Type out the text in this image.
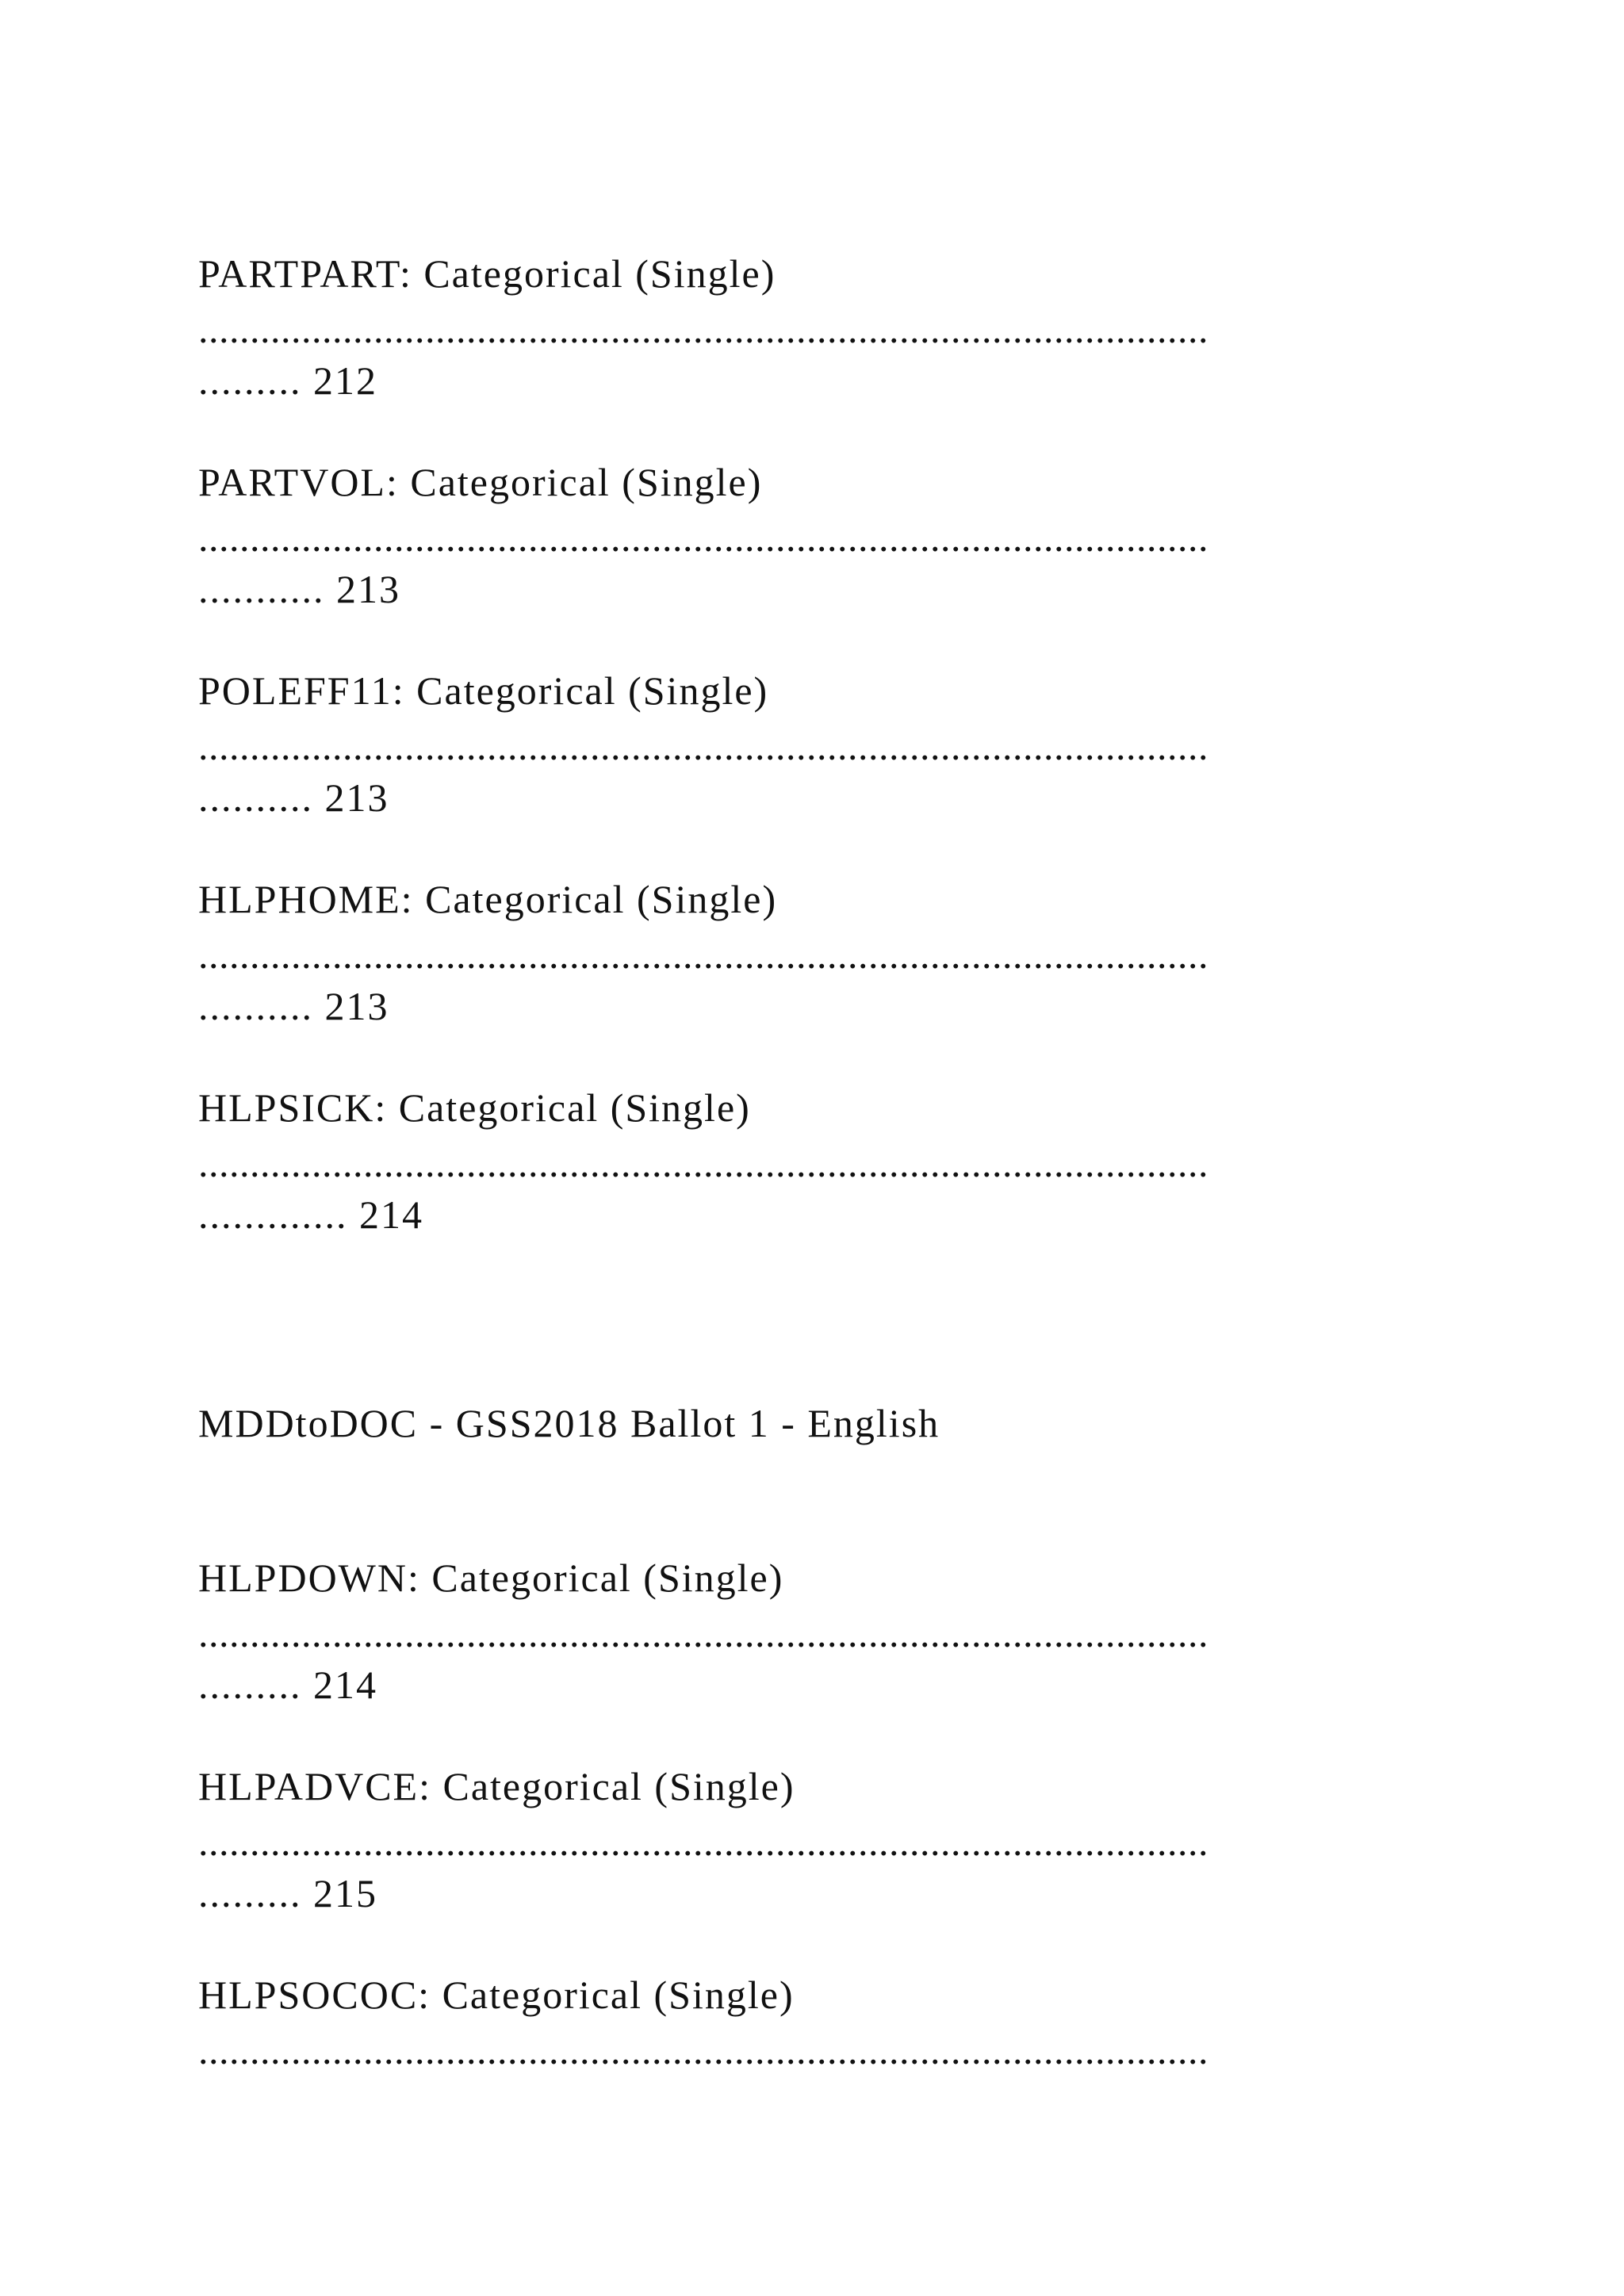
PARTPART: Categorical (Single)
..................................................................................................
......... 212
PARTVOL: Categorical (Single)
..................................................................................................
........... 213
POLEFF11: Categorical (Single)
..................................................................................................
.......... 213
HLPHOME: Categorical (Single)
..................................................................................................
.......... 213
HLPSICK: Categorical (Single)
..................................................................................................
............. 214
MDDtoDOC - GSS2018 Ballot 1 - English
HLPDOWN: Categorical (Single)
..................................................................................................
......... 214
HLPADVCE: Categorical (Single)
..................................................................................................
......... 215
HLPSOCOC: Categorical (Single)
..................................................................................................
